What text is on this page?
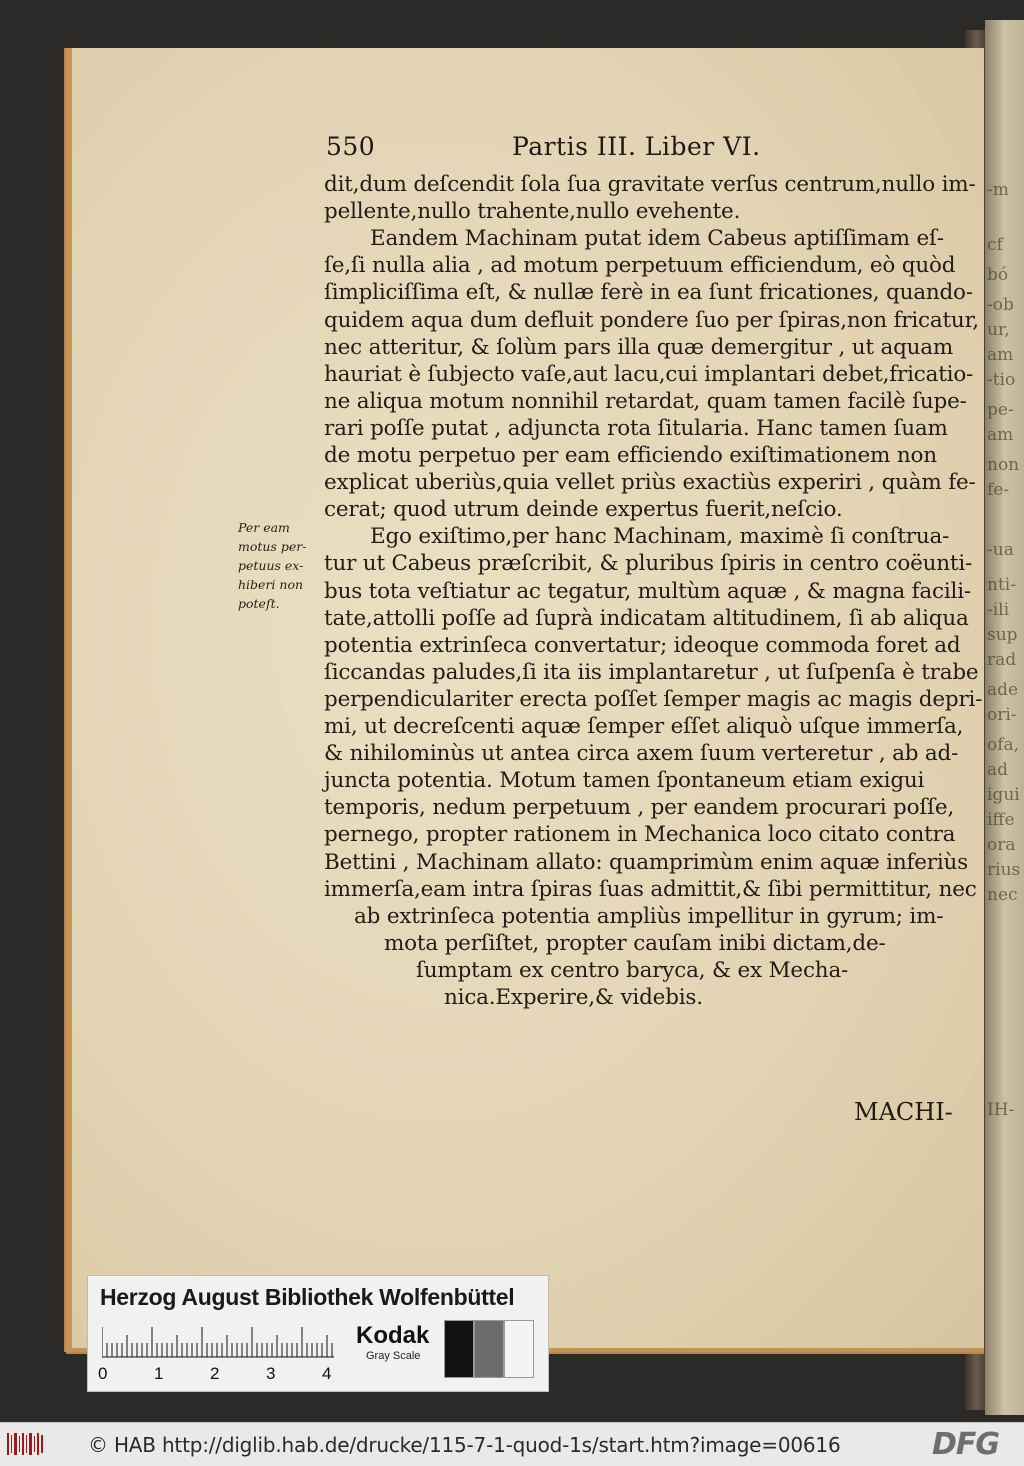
-m
cf
bó
-ob
ur,
am
-tio
pe-
am
non
fe-
-ua
nti-
-ili
sup
rad
ade
ori-
ofa,
ad
igui
iffe
ora
rius
nec
IH-
550	Partis III. Liber VI.
dit,dum deſcendit ſola ſua gravitate verſus centrum,nullo im-
pellente,nullo trahente,nullo evehente.
Eandem Machinam putat idem Cabeus aptiſſimam eſ-
ſe,ſi nulla alia , ad motum perpetuum efficiendum, eò quòd
ſimpliciſſima eſt, & nullæ ferè in ea ſunt fricationes, quando-
quidem aqua dum defluit pondere ſuo per ſpiras,non fricatur,
nec atteritur, & ſolùm pars illa quæ demergitur , ut aquam
hauriat è ſubjecto vaſe,aut lacu,cui implantari debet,fricatio-
ne aliqua motum nonnihil retardat, quam tamen facilè ſupe-
rari poſſe putat , adjuncta rota ſitularia. Hanc tamen ſuam
de motu perpetuo per eam efficiendo exiſtimationem non
explicat uberiùs,quia vellet priùs exactiùs experiri , quàm fe-
cerat; quod utrum deinde expertus fuerit,neſcio.
Ego exiſtimo,per hanc Machinam, maximè ſi conſtrua-
tur ut Cabeus præſcribit, & pluribus ſpiris in centro coëunti-
bus tota veſtiatur ac tegatur, multùm aquæ , & magna facili-
tate,attolli poſſe ad ſuprà indicatam altitudinem, ſi ab aliqua
potentia extrinſeca convertatur; ideoque commoda foret ad
ſiccandas paludes,ſi ita iis implantaretur , ut ſuſpenſa è trabe
perpendiculariter erecta poſſet ſemper magis ac magis depri-
mi, ut decreſcenti aquæ ſemper eſſet aliquò uſque immerſa,
& nihilominùs ut antea circa axem ſuum verteretur , ab ad-
juncta potentia. Motum tamen ſpontaneum etiam exigui
temporis, nedum perpetuum , per eandem procurari poſſe,
pernego, propter rationem in Mechanica loco citato contra
Bettini , Machinam allato: quamprimùm enim aquæ inferiùs
immerſa,eam intra ſpiras ſuas admittit,& ſibi permittitur, nec
ab extrinſeca potentia ampliùs impellitur in gyrum; im-
mota perſiſtet, propter cauſam inibi dictam,de-
ſumptam ex centro baryca, & ex Mecha-
nica.Experire,& videbis.
Per eam
motus per-
petuus ex-
hiberi non
poteſt.
MACHI-
Herzog August Bibliothek Wolfenbüttel
0	1	2	3	4
Kodak
Gray Scale
© HAB http://diglib.hab.de/drucke/115-7-1-quod-1s/start.htm?image=00616	DFG
